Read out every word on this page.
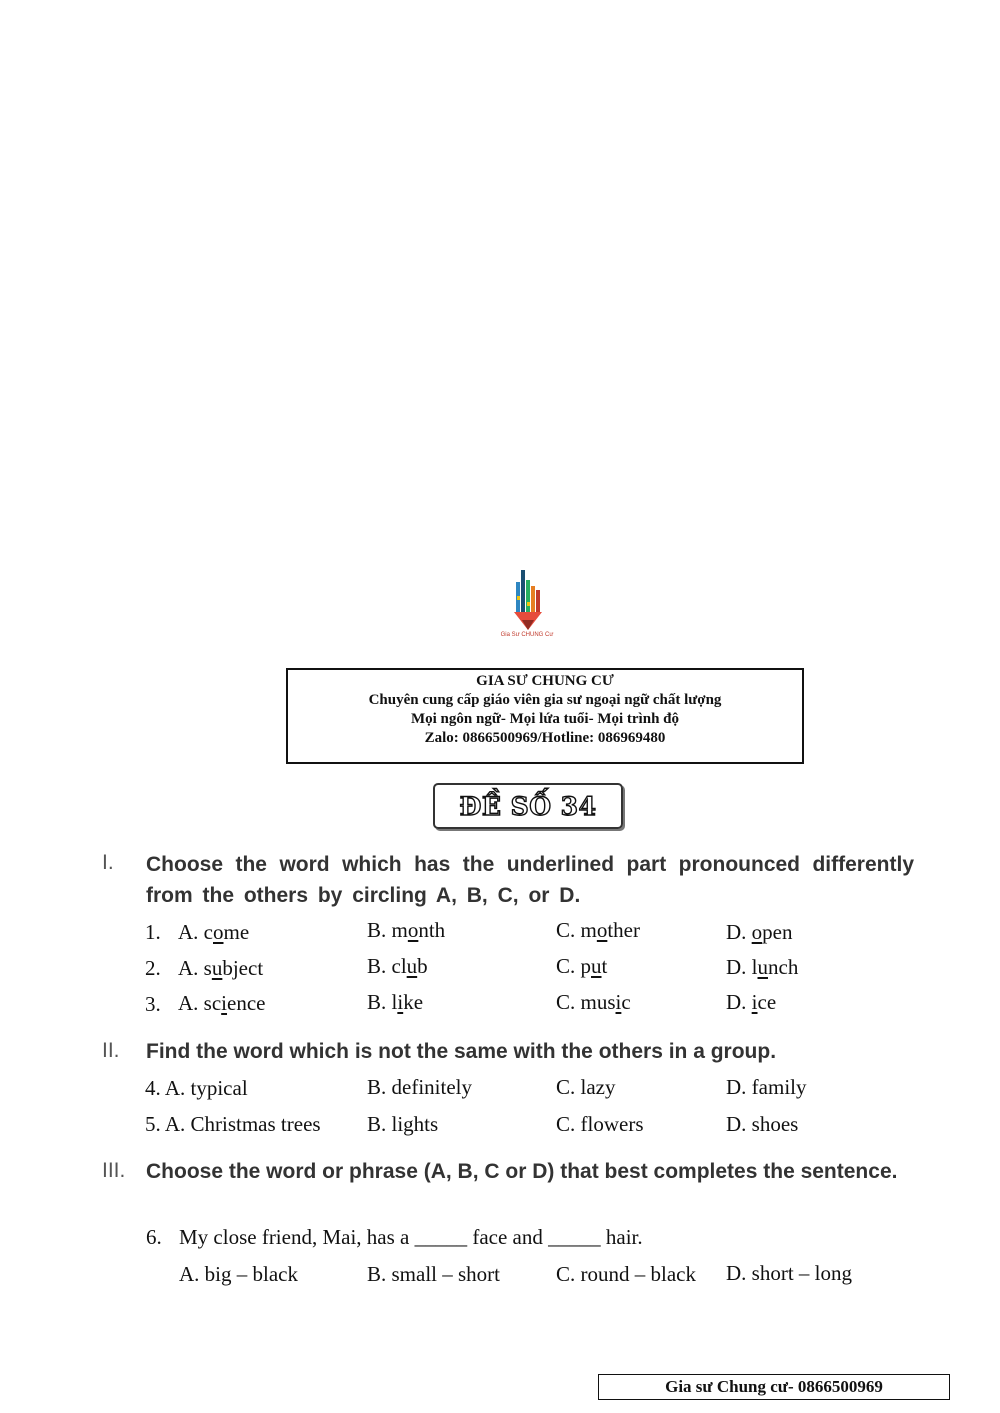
Gia Sư CHUNG Cư
GIA SƯ CHUNG CƯ
Chuyên cung cấp giáo viên gia sư ngoại ngữ chất lượng
Mọi ngôn ngữ- Mọi lứa tuổi- Mọi trình độ
Zalo: 0866500969/Hotline: 086969480
ĐỀ SỐ 34
I. Choose the word which has the underlined part pronounced differently from the others by circling A, B, C, or D.
1. A. come	B. month	C. mother	D. open
2. A. subject	B. club	C. put	D. lunch
3. A. science	B. like	C. music	D. ice
II. Find the word which is not the same with the others in a group.
4. A. typical	B. definitely	C. lazy	D. family
5. A. Christmas trees B. lights	C. flowers	D. shoes
III. Choose the word or phrase (A, B, C or D) that best completes the sentence.
6. My close friend, Mai, has a _____ face and _____ hair.
A. big – black	B. small – short	C. round – black D. short – long
Gia sư Chung cư- 0866500969
